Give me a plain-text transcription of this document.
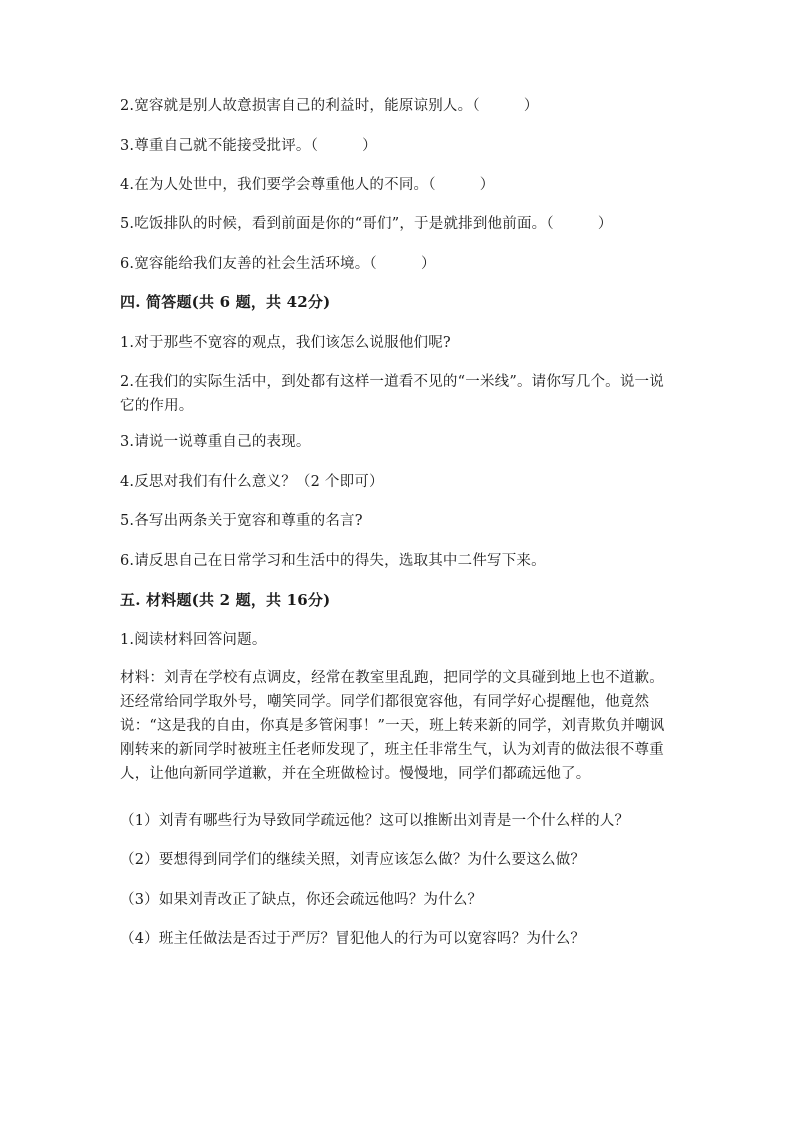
2.宽容就是别人故意损害自己的利益时，能原谅别人。（　　　）
3.尊重自己就不能接受批评。（　　　）
4.在为人处世中，我们要学会尊重他人的不同。（　　　）
5.吃饭排队的时候，看到前面是你的“哥们”，于是就排到他前面。（　　　）
6.宽容能给我们友善的社会生活环境。（　　　）
四. 简答题(共 6 题，共 42分)
1.对于那些不宽容的观点，我们该怎么说服他们呢?
2.在我们的实际生活中，到处都有这样一道看不见的“一米线”。请你写几个。说一说它的作用。
3.请说一说尊重自己的表现。
4.反思对我们有什么意义？（2 个即可）
5.各写出两条关于宽容和尊重的名言?
6.请反思自己在日常学习和生活中的得失，选取其中二件写下来。
五. 材料题(共 2 题，共 16分)
1.阅读材料回答问题。
材料：刘青在学校有点调皮，经常在教室里乱跑，把同学的文具碰到地上也不道歉。还经常给同学取外号，嘲笑同学。同学们都很宽容他，有同学好心提醒他，他竟然说：“这是我的自由，你真是多管闲事！”一天，班上转来新的同学，刘青欺负并嘲讽刚转来的新同学时被班主任老师发现了，班主任非常生气，认为刘青的做法很不尊重人，让他向新同学道歉，并在全班做检讨。慢慢地，同学们都疏远他了。
（1）刘青有哪些行为导致同学疏远他？这可以推断出刘青是一个什么样的人？
（2）要想得到同学们的继续关照，刘青应该怎么做？为什么要这么做？
（3）如果刘青改正了缺点，你还会疏远他吗？为什么？
（4）班主任做法是否过于严厉？冒犯他人的行为可以宽容吗？为什么？
